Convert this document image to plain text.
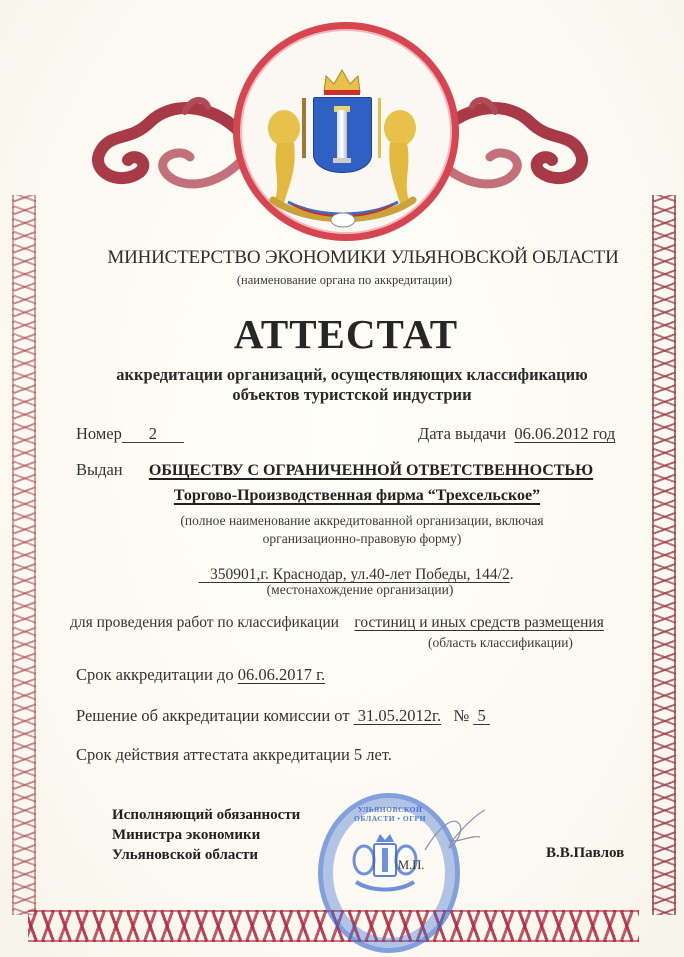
МИНИСТЕРСТВО ЭКОНОМИКИ УЛЬЯНОВСКОЙ ОБЛАСТИ
(наименование органа по аккредитации)
АТТЕСТАТ
аккредитации организаций, осуществляющих классификацию
объектов туристской индустрии
Номер 2	Дата выдачи 06.06.2012 год
Выдан ОБЩЕСТВУ С ОГРАНИЧЕННОЙ ОТВЕТСТВЕННОСТЬЮ
Торгово-Производственная фирма “Трехсельское”
(полное наименование аккредитованной организации, включая
организационно-правовую форму)
350901,г. Краснодар, ул.40-лет Победы, 144/2.
(местонахождение организации)
для проведения работ по классификации гостиниц и иных средств размещения
(область классификации)
Срок аккредитации до 06.06.2017 г.
Решение об аккредитации комиссии от 31.05.2012г. № 5
Срок действия аттестата аккредитации 5 лет.
УЛЬЯНОВСКОЙ ОБЛАСТИ • ОГРН
Исполняющий обязанности
Министра экономики
Ульяновской области
М.П.
В.В.Павлов
